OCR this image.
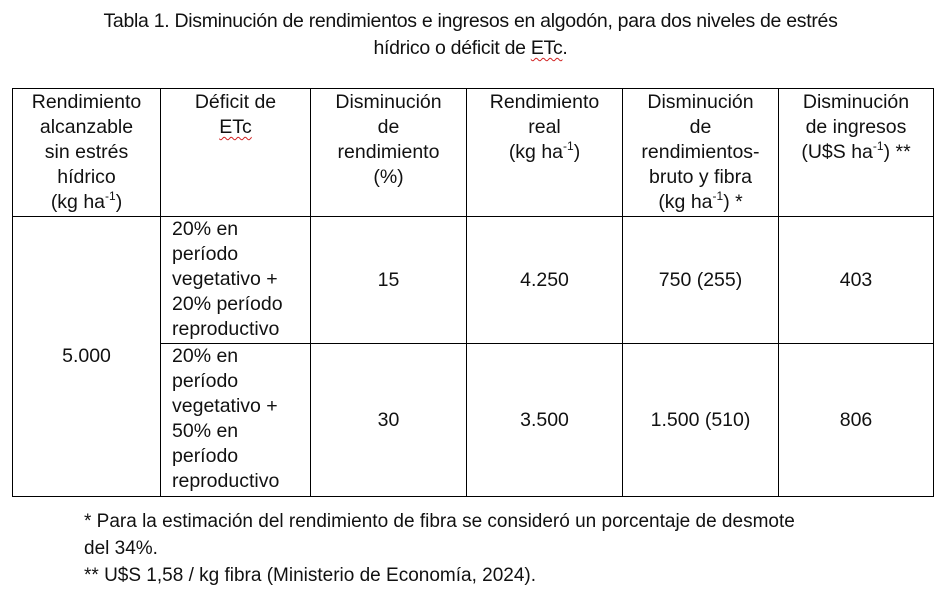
Tabla 1. Disminución de rendimientos e ingresos en algodón, para dos niveles de estrés
hídrico o déficit de ETc.
Rendimiento
alcanzable
sin estrés
hídrico
(kg $ha^{-1}$)	Déficit de
ETc	Disminución
de
rendimiento
(%)	Rendimiento
real
(kg $ha^{-1}$)	Disminución
de
rendimientos-
bruto y fibra
(kg $ha^{-1}$) *	Disminución
de ingresos
(U$S $ha^{-1}$) **

5.000	20% en
período
vegetativo +
20% período
reproductivo	15	4.250	750 (255)	403

20% en
período
vegetativo +
50% en
período
reproductivo
	30	3.500	1.500 (510)	806
* Para la estimación del rendimiento de fibra se consideró un porcentaje de desmote
del 34%.
** U$S 1,58 / kg fibra (Ministerio de Economía, 2024).
